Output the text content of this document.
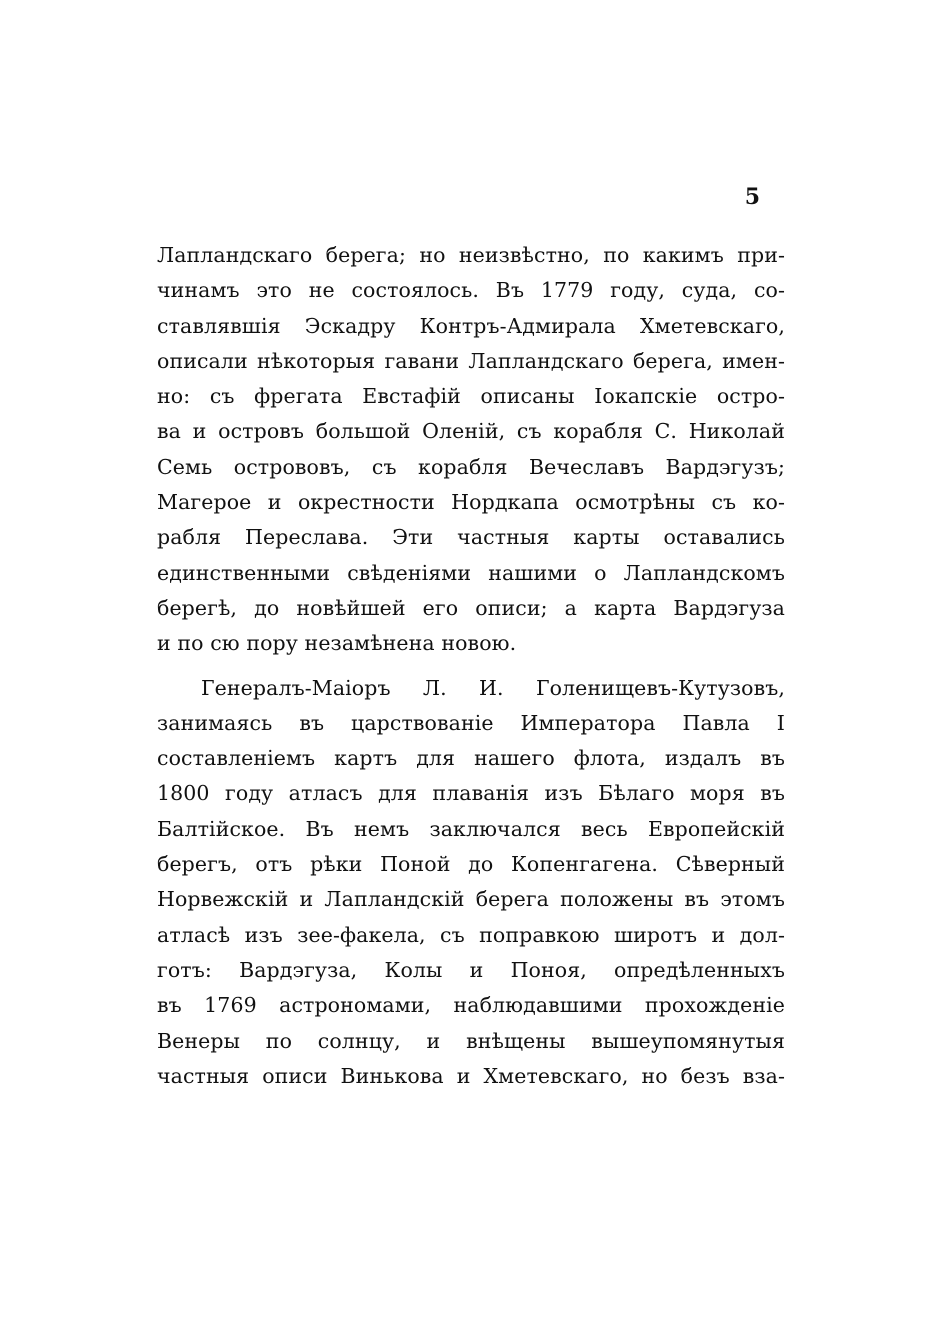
5
Лапландскаго берега; но неизвѣстно, по какимъ при-
чинамъ это не состоялось. Въ 1779 году, суда, со-
ставлявшія Эскадру Контръ-Адмирала Хметевскаго,
описали нѣкоторыя гавани Лапландскаго берега, имен-
но: съ фрегата Евстафій описаны Іокапскіе остро-
ва и островъ большой Оленій, съ корабля С. Николай
Семь острововъ, съ корабля Вечеславъ Вардэгузъ;
Магерое и окрестности Нордкапа осмотрѣны съ ко-
рабля Переслава. Эти частныя карты оставались
единственными свѣденіями нашими о Лапландскомъ
берегѣ, до новѣйшей его описи; а карта Вардэгуза
и по сю пору незамѣнена новою.
Генералъ-Маіоръ Л. И. Голенищевъ-Кутузовъ,
занимаясь въ царствованіе Императора Павла I
составленіемъ картъ для нашего флота, издалъ въ
1800 году атласъ для плаванія изъ Бѣлаго моря въ
Балтійское. Въ немъ заключался весь Европейскій
берегъ, отъ рѣки Поной до Копенгагена. Сѣверный
Норвежскій и Лапландскій берега положены въ этомъ
атласѣ изъ зее-факела, съ поправкою широтъ и дол-
готъ: Вардэгуза, Колы и Поноя, опредѣленныхъ
въ 1769 астрономами, наблюдавшими прохожденіе
Венеры по солнцу, и внѣщены вышеупомянутыя
частныя описи Винькова и Хметевскаго, но безъ вза-
